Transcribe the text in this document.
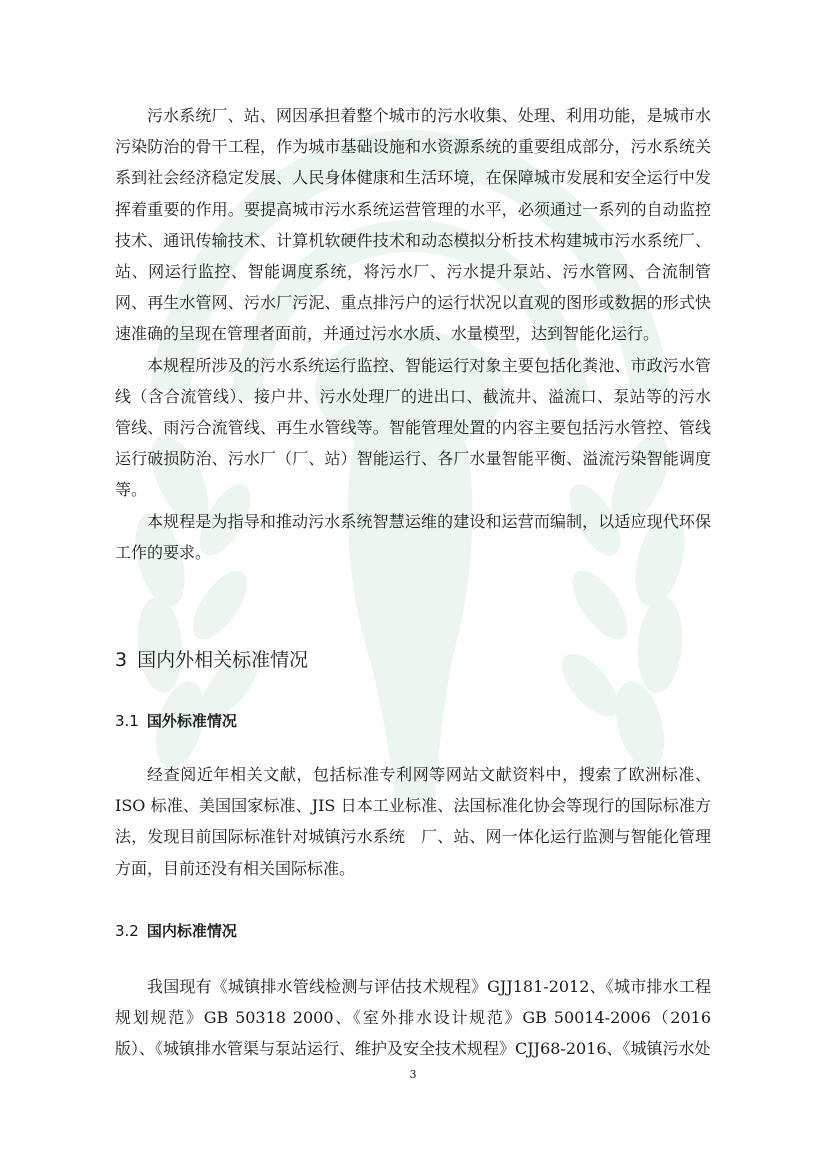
污水系统厂、站、网因承担着整个城市的污水收集、处理、利用功能，是城市水污染防治的骨干工程，作为城市基础设施和水资源系统的重要组成部分，污水系统关系到社会经济稳定发展、人民身体健康和生活环境，在保障城市发展和安全运行中发挥着重要的作用。要提高城市污水系统运营管理的水平，必须通过一系列的自动监控技术、通讯传输技术、计算机软硬件技术和动态模拟分析技术构建城市污水系统厂、站、网运行监控、智能调度系统，将污水厂、污水提升泵站、污水管网、合流制管网、再生水管网、污水厂污泥、重点排污户的运行状况以直观的图形或数据的形式快速准确的呈现在管理者面前，并通过污水水质、水量模型，达到智能化运行。

本规程所涉及的污水系统运行监控、智能运行对象主要包括化粪池、市政污水管线（含合流管线）、接户井、污水处理厂的进出口、截流井、溢流口、泵站等的污水管线、雨污合流管线、再生水管线等。智能管理处置的内容主要包括污水管控、管线运行破损防治、污水厂（厂、站）智能运行、各厂水量智能平衡、溢流污染智能调度等。

本规程是为指导和推动污水系统智慧运维的建设和运营而编制，以适应现代环保工作的要求。

3 国内外相关标准情况
3.1 国外标准情况

经查阅近年相关文献，包括标准专利网等网站文献资料中，搜索了欧洲标准、ISO 标准、美国国家标准、JIS 日本工业标准、法国标准化协会等现行的国际标准方法，发现目前国际标准针对城镇污水系统　厂、站、网一体化运行监测与智能化管理方面，目前还没有相关国际标准。

3.2 国内标准情况

我国现有《城镇排水管线检测与评估技术规程》GJJ181-2012、《城市排水工程规划规范》GB 50318 2000、《室外排水设计规范》GB 50014-2006（2016 版）、《城镇排水管渠与泵站运行、维护及安全技术规程》CJJ68-2016、《城镇污水处

3
